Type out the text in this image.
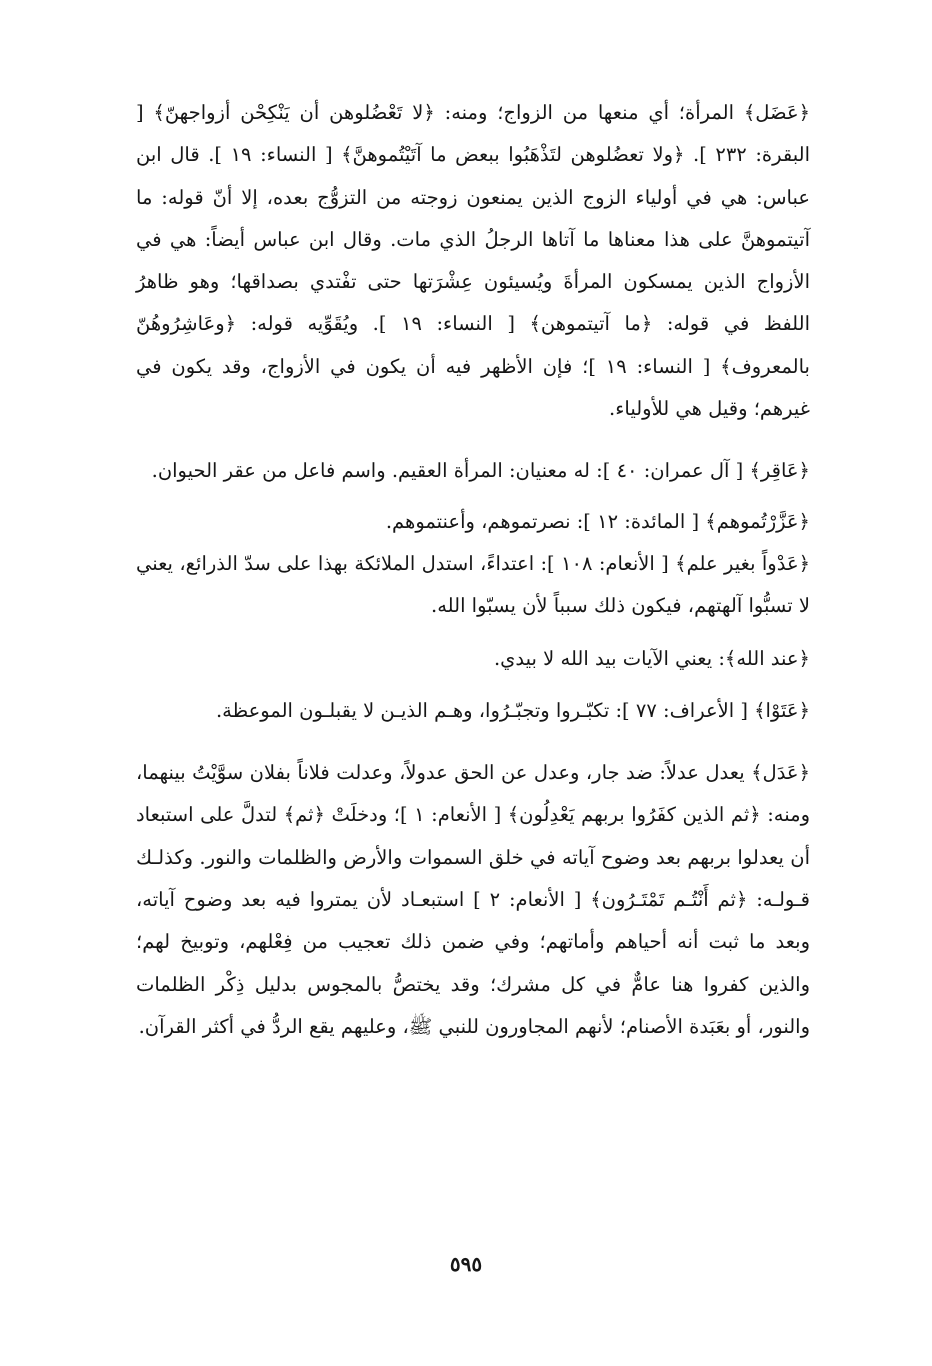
﴿عَضَل﴾ المرأة؛ أي منعها من الزواج؛ ومنه: ﴿لا تَعْضُلوهن أن يَنْكِحْن أزواجهنّ﴾ [ البقرة: ٢٣٢ ]. ﴿ولا تعضُلوهن لتَذْهَبُوا ببعض ما آتَيْتُموهنَّ﴾ [ النساء: ١٩ ]. قال ابن عباس: هي في أولياء الزوج الذين يمنعون زوجته من التزوُّج بعده، إلا أنّ قوله: ما آتيتموهنَّ على هذا معناها ما آتاها الرجلُ الذي مات. وقال ابن عباس أيضاً: هي في الأزواج الذين يمسكون المرأةَ ويُسيئون عِشْرَتها حتى تفْتدي بصداقها؛ وهو ظاهرُ اللفظ في قوله: ﴿ما آتيتموهن﴾ [ النساء: ١٩ ]. ويُقَوِّيه قوله: ﴿وعَاشِرُوهُنّ بالمعروف﴾ [ النساء: ١٩ ]؛ فإن الأظهر فيه أن يكون في الأزواج، وقد يكون في غيرهم؛ وقيل هي للأولياء.

﴿عَاقِر﴾ [ آل عمران: ٤٠ ]: له معنيان: المرأة العقيم. واسم فاعل من عقر الحيوان.

﴿عَزَّرْتُموهم﴾ [ المائدة: ١٢ ]: نصرتموهم، وأعنتموهم.

﴿عَدْواً بغير علم﴾ [ الأنعام: ١٠٨ ]: اعتداءً، استدل الملائكة بهذا على سدّ الذرائع، يعني لا تسبُّوا آلهتهم، فيكون ذلك سبباً لأن يسبّوا الله.

﴿عند الله﴾: يعني الآيات بيد الله لا بيدي.

﴿عَتَوْا﴾ [ الأعراف: ٧٧ ]: تكبّـروا وتجبّـرُوا، وهـم الذيـن لا يقبلـون الموعظة.

﴿عَدَل﴾ يعدل عدلاً: ضد جار، وعدل عن الحق عدولاً، وعدلت فلاناً بفلان سوَّيْتُ بينهما، ومنه: ﴿ثم الذين كفَرُوا بربهم يَعْدِلُون﴾ [ الأنعام: ١ ]؛ ودخلَتْ ﴿ثم﴾ لتدلَّ على استبعاد أن يعدلوا بربهم بعد وضوح آياته في خلق السموات والأرض والظلمات والنور. وكذلـك قـولـه: ﴿ثم أَنْتُـم تَمْتَـرُون﴾ [ الأنعام: ٢ ] استبعـاد لأن يمتروا فيه بعد وضوح آياته، وبعد ما ثبت أنه أحياهم وأماتهم؛ وفي ضمن ذلك تعجيب من فِعْلهم، وتوبيخ لهم؛ والذين كفروا هنا عامٌّ في كل مشرك؛ وقد يختصُّ بالمجوس بدليل ذِكْر الظلمات والنور، أو بعَبَدة الأصنام؛ لأنهم المجاورون للنبي ﷺ، وعليهم يقع الردُّ في أكثر القرآن.

٥٩٥
